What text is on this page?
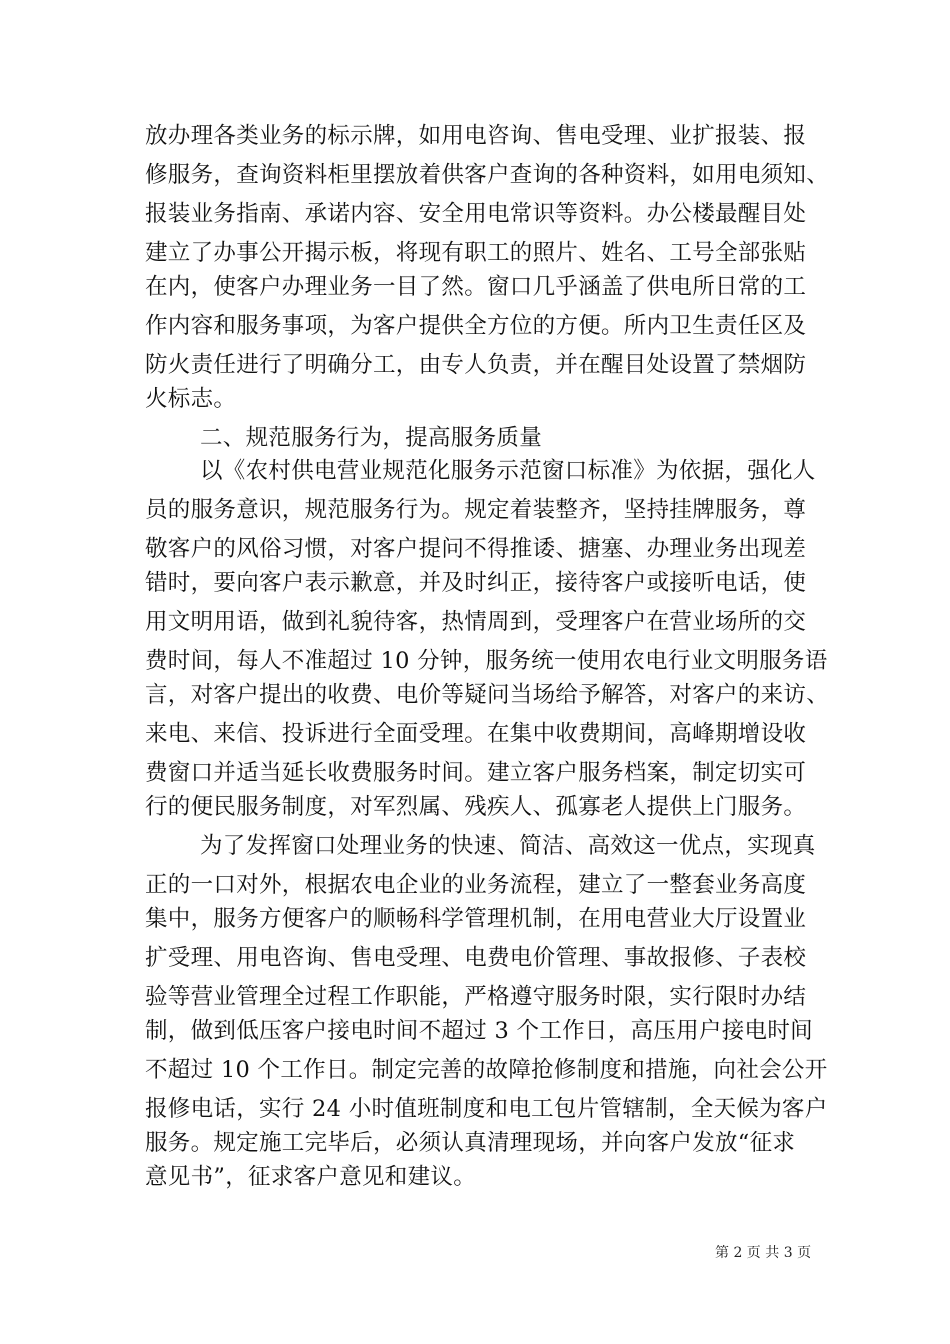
放办理各类业务的标示牌，如用电咨询、售电受理、业扩报装、报
修服务，查询资料柜里摆放着供客户查询的各种资料，如用电须知、
报装业务指南、承诺内容、安全用电常识等资料。办公楼最醒目处
建立了办事公开揭示板，将现有职工的照片、姓名、工号全部张贴
在内，使客户办理业务一目了然。窗口几乎涵盖了供电所日常的工
作内容和服务事项，为客户提供全方位的方便。所内卫生责任区及
防火责任进行了明确分工，由专人负责，并在醒目处设置了禁烟防
火标志。
二、规范服务行为，提高服务质量
以《农村供电营业规范化服务示范窗口标准》为依据，强化人
员的服务意识，规范服务行为。规定着装整齐，坚持挂牌服务，尊
敬客户的风俗习惯，对客户提问不得推诿、搪塞、办理业务出现差
错时，要向客户表示歉意，并及时纠正，接待客户或接听电话，使
用文明用语，做到礼貌待客，热情周到，受理客户在营业场所的交
费时间，每人不准超过 10 分钟，服务统一使用农电行业文明服务语
言，对客户提出的收费、电价等疑问当场给予解答，对客户的来访、
来电、来信、投诉进行全面受理。在集中收费期间，高峰期增设收
费窗口并适当延长收费服务时间。建立客户服务档案，制定切实可
行的便民服务制度，对军烈属、残疾人、孤寡老人提供上门服务。
为了发挥窗口处理业务的快速、简洁、高效这一优点，实现真
正的一口对外，根据农电企业的业务流程，建立了一整套业务高度
集中，服务方便客户的顺畅科学管理机制，在用电营业大厅设置业
扩受理、用电咨询、售电受理、电费电价管理、事故报修、子表校
验等营业管理全过程工作职能，严格遵守服务时限，实行限时办结
制，做到低压客户接电时间不超过 3 个工作日，高压用户接电时间
不超过 10 个工作日。制定完善的故障抢修制度和措施，向社会公开
报修电话，实行 24 小时值班制度和电工包片管辖制，全天候为客户
服务。规定施工完毕后，必须认真清理现场，并向客户发放“征求
意见书”，征求客户意见和建议。
第 2 页 共 3 页
